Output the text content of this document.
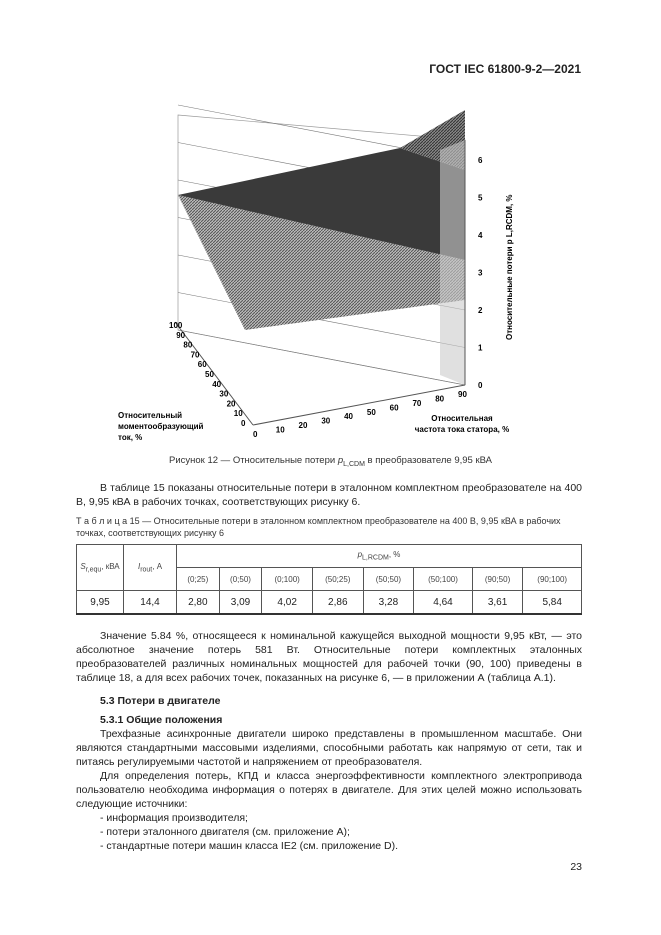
ГОСТ IEC 61800-9-2—2021
0 10 20 30 40 50 60 70 80 90
0
10
20
30
40
50
60
70
80
90
100
0
1
2
3
4
5
6
Относительная частота тока статора, %
Относительный моментообразующий ток, %
Относительные потери p L,RCDM, %
Рисунок 12 — Относительные потери $p_{L,CDM}$ в преобразователе 9,95 кВА
В таблице 15 показаны относительные потери в эталонном комплектном преобразователе на 400 В, 9,95 кВА в рабочих точках, соответствующих рисунку 6.
Т а б л и ц а 15 — Относительные потери в эталонном комплектном преобразователе на 400 В, 9,95 кВА в рабочих точках, соответствующих рисунку 6
$S_{r,equ}$, кВА	$I_{rout}$, А	$p_{L,RCDM}$, %							
		(0;25)	(0;50)	(0;100)	(50;25)	(50;50)	(50;100)	(90;50)	(90;100)
9,95	14,4	2,80	3,09	4,02	2,86	3,28	4,64	3,61	5,84
Значение 5.84 %, относящееся к номинальной кажущейся выходной мощности 9,95 кВт, — это абсолютное значение потерь 581 Вт. Относительные потери комплектных эталонных преобразователей различных номинальных мощностей для рабочей точки (90, 100) приведены в таблице 18, а для всех рабочих точек, показанных на рисунке 6, — в приложении А (таблица А.1).
5.3 Потери в двигателе
5.3.1 Общие положения
Трехфазные асинхронные двигатели широко представлены в промышленном масштабе. Они являются стандартными массовыми изделиями, способными работать как напрямую от сети, так и питаясь регулируемыми частотой и напряжением от преобразователя.
Для определения потерь, КПД и класса энергоэффективности комплектного электропривода пользователю необходима информация о потерях в двигателе. Для этих целей можно использовать следующие источники:
- информация производителя;
- потери эталонного двигателя (см. приложение А);
- стандартные потери машин класса IE2 (см. приложение D).
23
